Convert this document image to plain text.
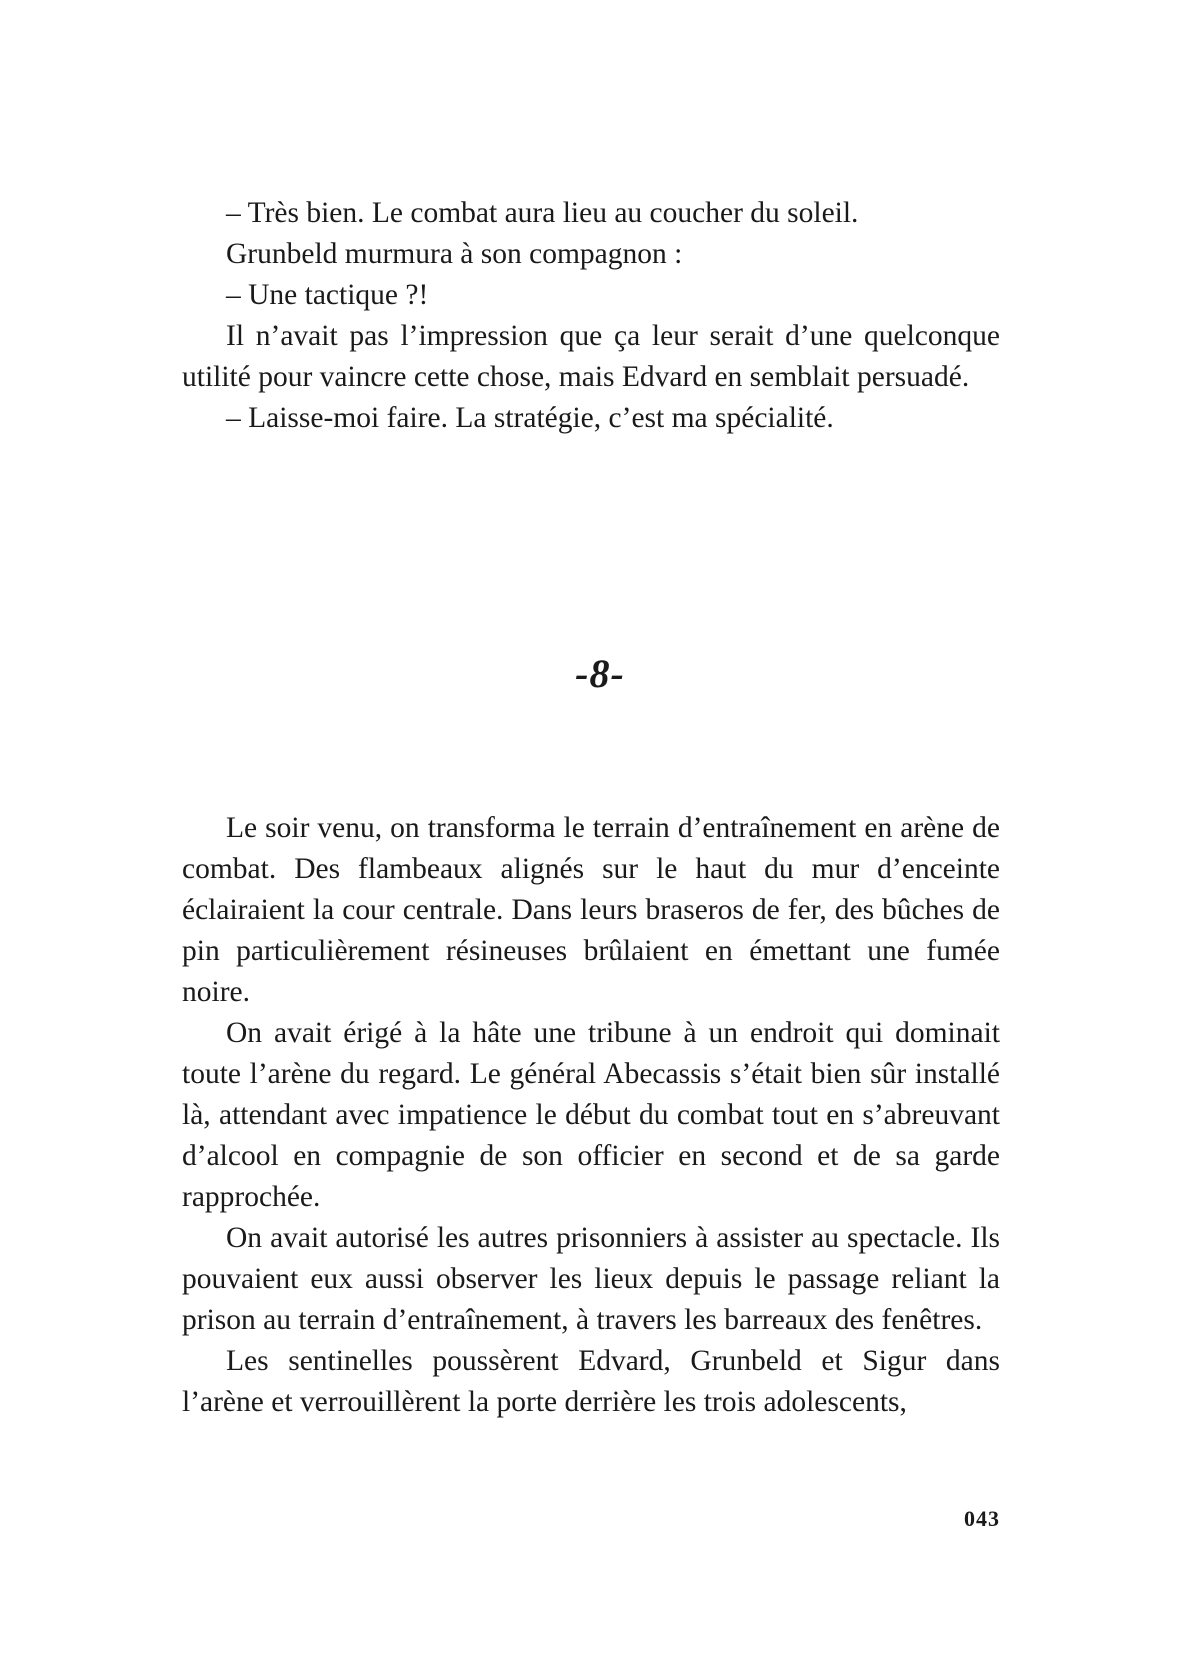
– Très bien. Le combat aura lieu au coucher du soleil.

Grunbeld murmura à son compagnon :

– Une tactique ?!

Il n’avait pas l’impression que ça leur serait d’une quelconque utilité pour vaincre cette chose, mais Edvard en semblait persuadé.

– Laisse-moi faire. La stratégie, c’est ma spécialité.

-8-

Le soir venu, on transforma le terrain d’entraînement en arène de combat. Des flambeaux alignés sur le haut du mur d’enceinte éclairaient la cour centrale. Dans leurs braseros de fer, des bûches de pin particulièrement résineuses brûlaient en émettant une fumée noire.

On avait érigé à la hâte une tribune à un endroit qui dominait toute l’arène du regard. Le général Abecassis s’était bien sûr installé là, attendant avec impatience le début du combat tout en s’abreuvant d’alcool en compagnie de son officier en second et de sa garde rapprochée.

On avait autorisé les autres prisonniers à assister au spectacle. Ils pouvaient eux aussi observer les lieux depuis le passage reliant la prison au terrain d’entraînement, à travers les barreaux des fenêtres.

Les sentinelles poussèrent Edvard, Grunbeld et Sigur dans l’arène et verrouillèrent la porte derrière les trois adolescents,

043
